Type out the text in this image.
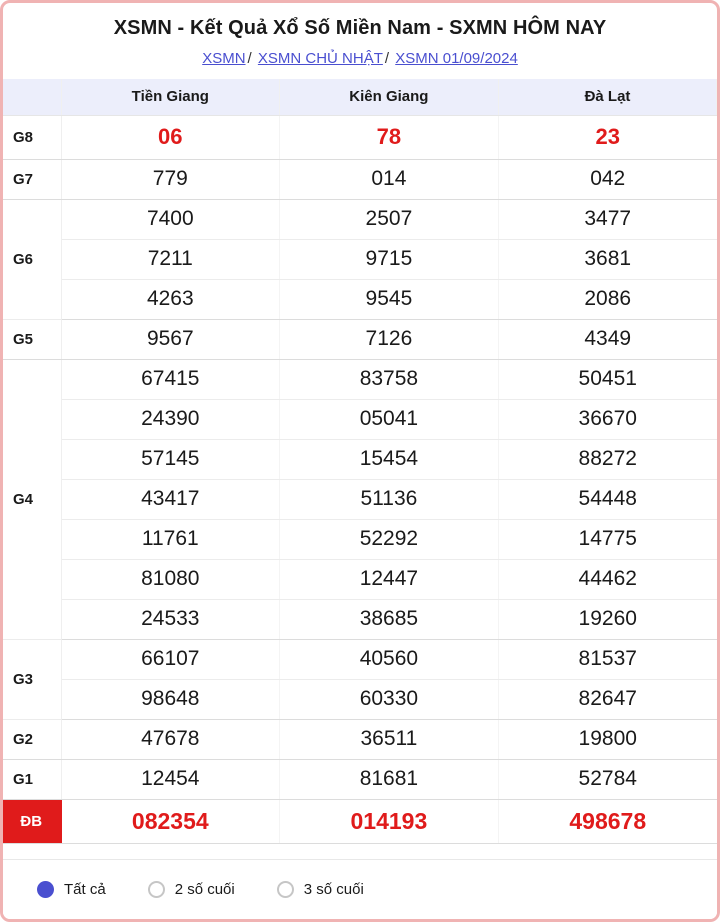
XSMN - Kết Quả Xổ Số Miền Nam - SXMN HÔM NAY
XSMN / XSMN CHỦ NHẬT / XSMN 01/09/2024
	Tiền Giang	Kiên Giang	Đà Lạt
G8	06	78	23
G7	779	014	042
G6	7400	2507	3477
	7211	9715	3681
	4263	9545	2086
G5	9567	7126	4349
G4	67415	83758	50451
	24390	05041	36670
	57145	15454	88272
	43417	51136	54448
	11761	52292	14775
	81080	12447	44462
	24533	38685	19260
G3	66107	40560	81537
	98648	60330	82647
G2	47678	36511	19800
G1	12454	81681	52784
ĐB	082354	014193	498678
Tất cả	2 số cuối	3 số cuối
